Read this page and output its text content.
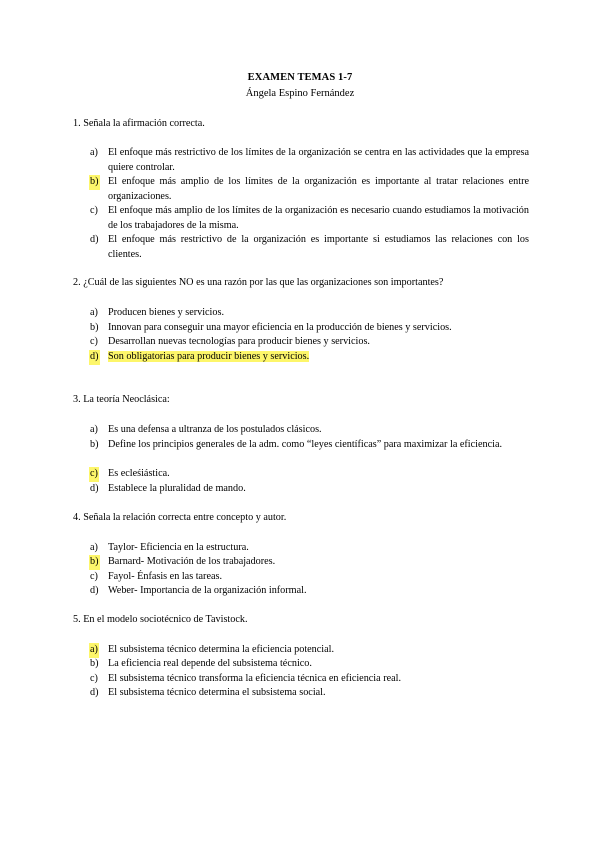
EXAMEN TEMAS 1-7
Ángela Espino Fernández
1. Señala la afirmación correcta.
a) El enfoque más restrictivo de los límites de la organización se centra en las actividades que la empresa quiere controlar.
b) El enfoque más amplio de los límites de la organización es importante al tratar relaciones entre organizaciones.
c) El enfoque más amplio de los límites de la organización es necesario cuando estudiamos la motivación de los trabajadores de la misma.
d) El enfoque más restrictivo de la organización es importante si estudiamos las relaciones con los clientes.
2. ¿Cuál de las siguientes NO es una razón por las que las organizaciones son importantes?
a) Producen bienes y servicios.
b) Innovan para conseguir una mayor eficiencia en la producción de bienes y servicios.
c) Desarrollan nuevas tecnologías para producir bienes y servicios.
d) Son obligatorias para producir bienes y servicios.
3. La teoría Neoclásica:
a) Es una defensa a ultranza de los postulados clásicos.
b) Define los principios generales de la adm. como “leyes científicas” para maximizar la eficiencia.
c) Es ecleśiástica.
d) Establece la pluralidad de mando.
4. Señala la relación correcta entre concepto y autor.
a) Taylor- Eficiencia en la estructura.
b) Barnard- Motivación de los trabajadores.
c) Fayol- Énfasis en las tareas.
d) Weber- Importancia de la organización informal.
5. En el modelo sociotécnico de Tavistock.
a) El subsistema técnico determina la eficiencia potencial.
b) La eficiencia real depende del subsistema técnico.
c) El subsistema técnico transforma la eficiencia técnica en eficiencia real.
d) El subsistema técnico determina el subsistema social.
